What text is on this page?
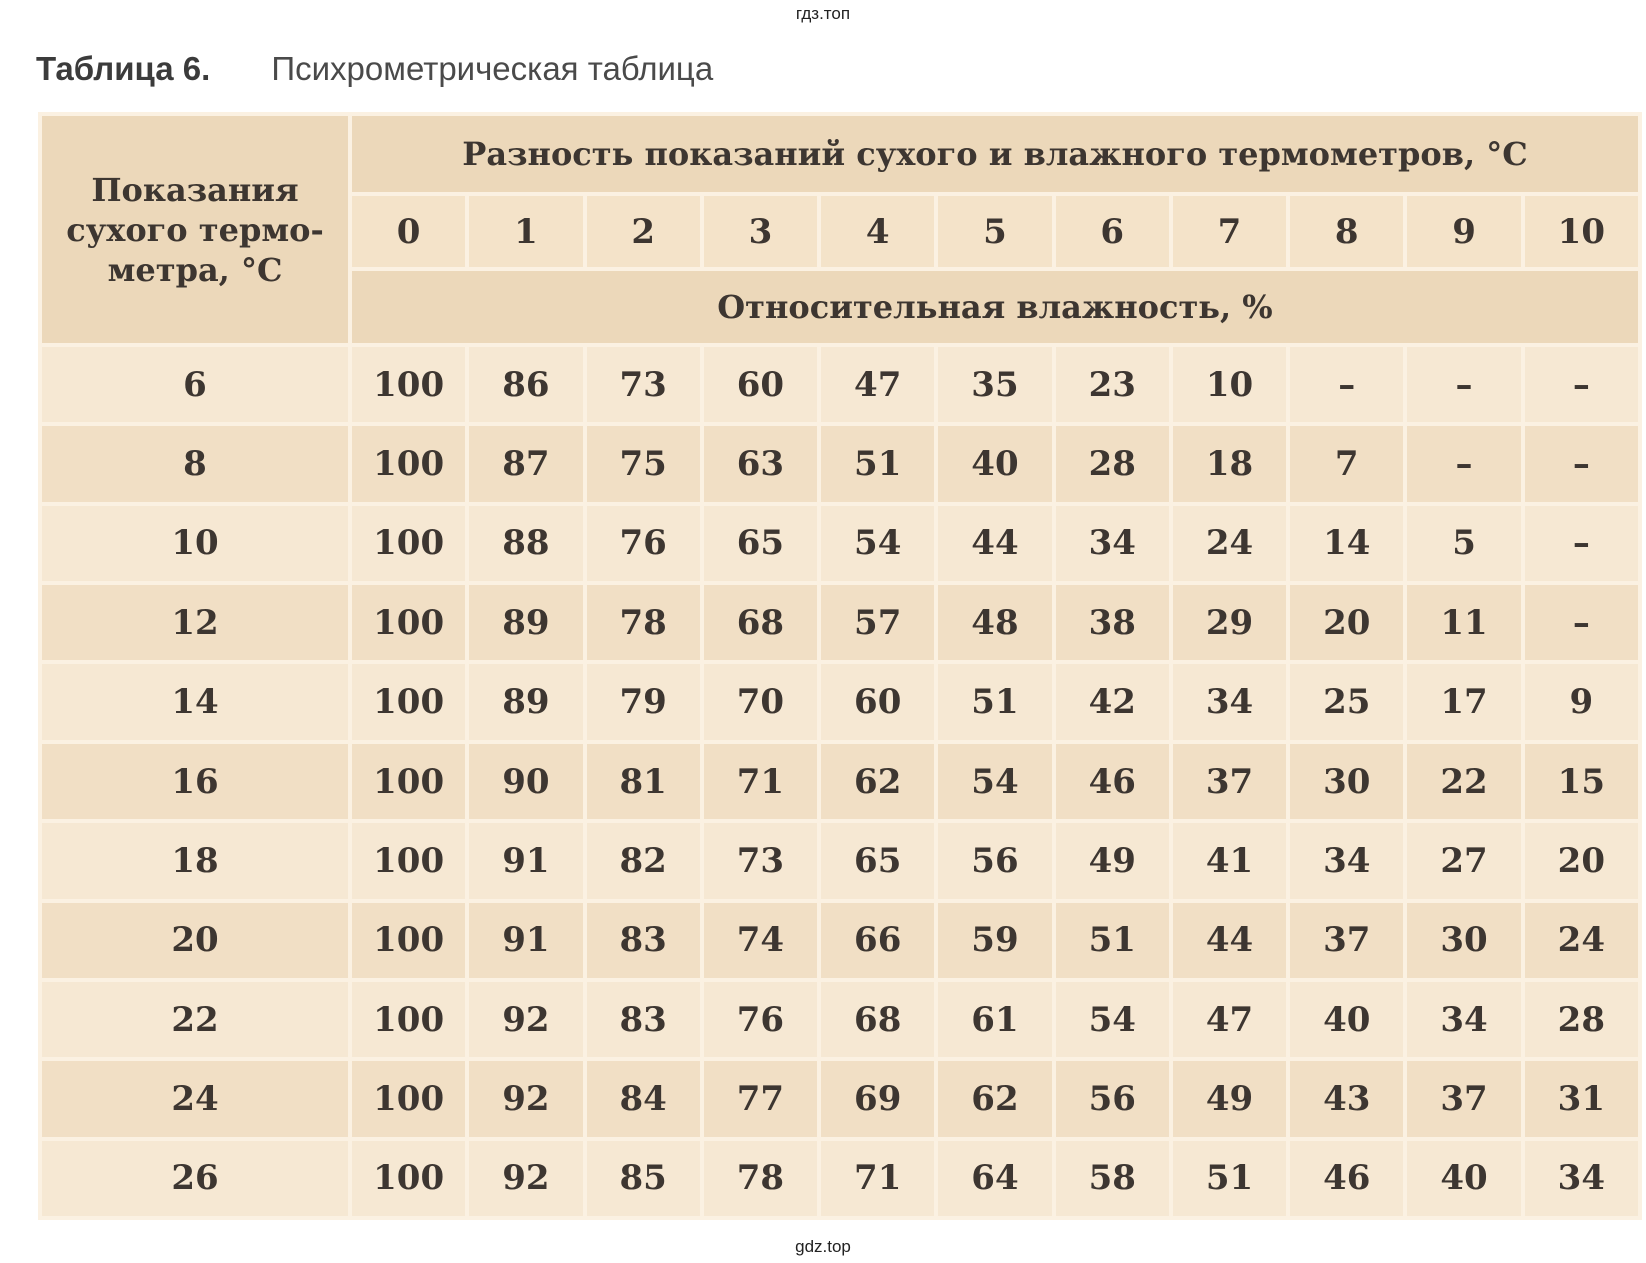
гдз.топ
Таблица 6. Психрометрическая таблица
Показания сухого термо- метра, °С	Разность показаний сухого и влажного термометров, °С										
	0	1	2	3	4	5	6	7	8	9	10
	Относительная влажность, %										
6	100	86	73	60	47	35	23	10	–	–	–
8	100	87	75	63	51	40	28	18	7	–	–
10	100	88	76	65	54	44	34	24	14	5	–
12	100	89	78	68	57	48	38	29	20	11	–
14	100	89	79	70	60	51	42	34	25	17	9
16	100	90	81	71	62	54	46	37	30	22	15
18	100	91	82	73	65	56	49	41	34	27	20
20	100	91	83	74	66	59	51	44	37	30	24
22	100	92	83	76	68	61	54	47	40	34	28
24	100	92	84	77	69	62	56	49	43	37	31
26	100	92	85	78	71	64	58	51	46	40	34
gdz.top
